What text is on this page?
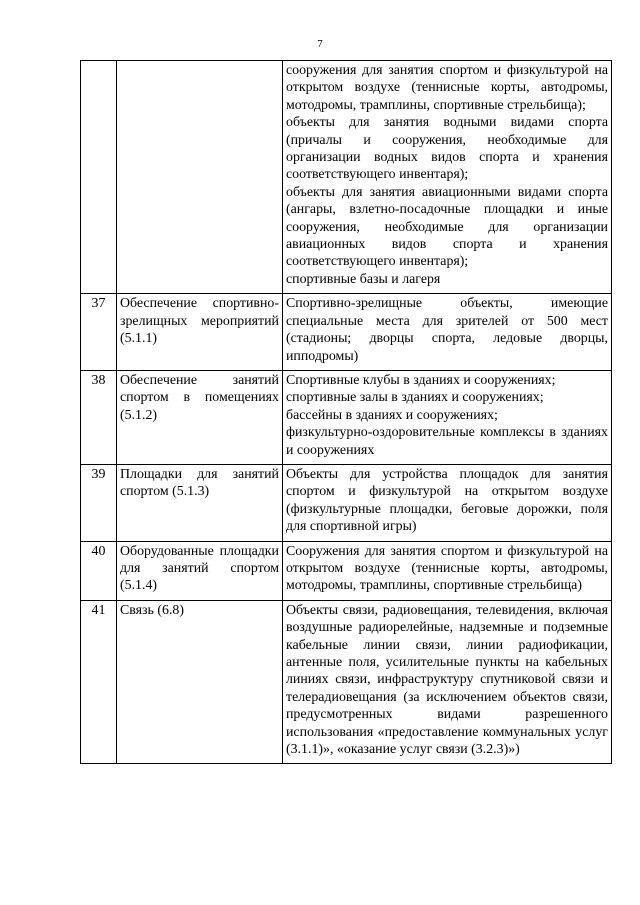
7

		сооружения для занятия спортом и физкультурой на открытом воздухе (теннисные корты, автодромы, мотодромы, трамплины, спортивные стрельбища);
объекты для занятия водными видами спорта (причалы и сооружения, необходимые для организации водных видов спорта и хранения соответствующего инвентаря);
объекты для занятия авиационными видами спорта (ангары, взлетно-посадочные площадки и иные сооружения, необходимые для организации авиационных видов спорта и хранения соответствующего инвентаря);
спортивные базы и лагеря

37	Обеспечение спортивно-зрелищных мероприятий (5.1.1)	Спортивно-зрелищные объекты, имеющие специальные места для зрителей от 500 мест (стадионы; дворцы спорта, ледовые дворцы, ипподромы)

38	Обеспечение занятий спортом в помещениях (5.1.2)	Спортивные клубы в зданиях и сооружениях;
спортивные залы в зданиях и сооружениях;
бассейны в зданиях и сооружениях;
физкультурно-оздоровительные комплексы в зданиях и сооружениях

39	Площадки для занятий спортом (5.1.3)	Объекты для устройства площадок для занятия спортом и физкультурой на открытом воздухе (физкультурные площадки, беговые дорожки, поля для спортивной игры)

40	Оборудованные площадки для занятий спортом (5.1.4)	Сооружения для занятия спортом и физкультурой на открытом воздухе (теннисные корты, автодромы, мотодромы, трамплины, спортивные стрельбища)

41	Связь (6.8)	Объекты связи, радиовещания, телевидения, включая воздушные радиорелейные, надземные и подземные кабельные линии связи, линии радиофикации, антенные поля, усилительные пункты на кабельных линиях связи, инфраструктуру спутниковой связи и телерадиовещания (за исключением объектов связи, предусмотренных видами разрешенного использования «предоставление коммунальных услуг (3.1.1)», «оказание услуг связи (3.2.3)»)
